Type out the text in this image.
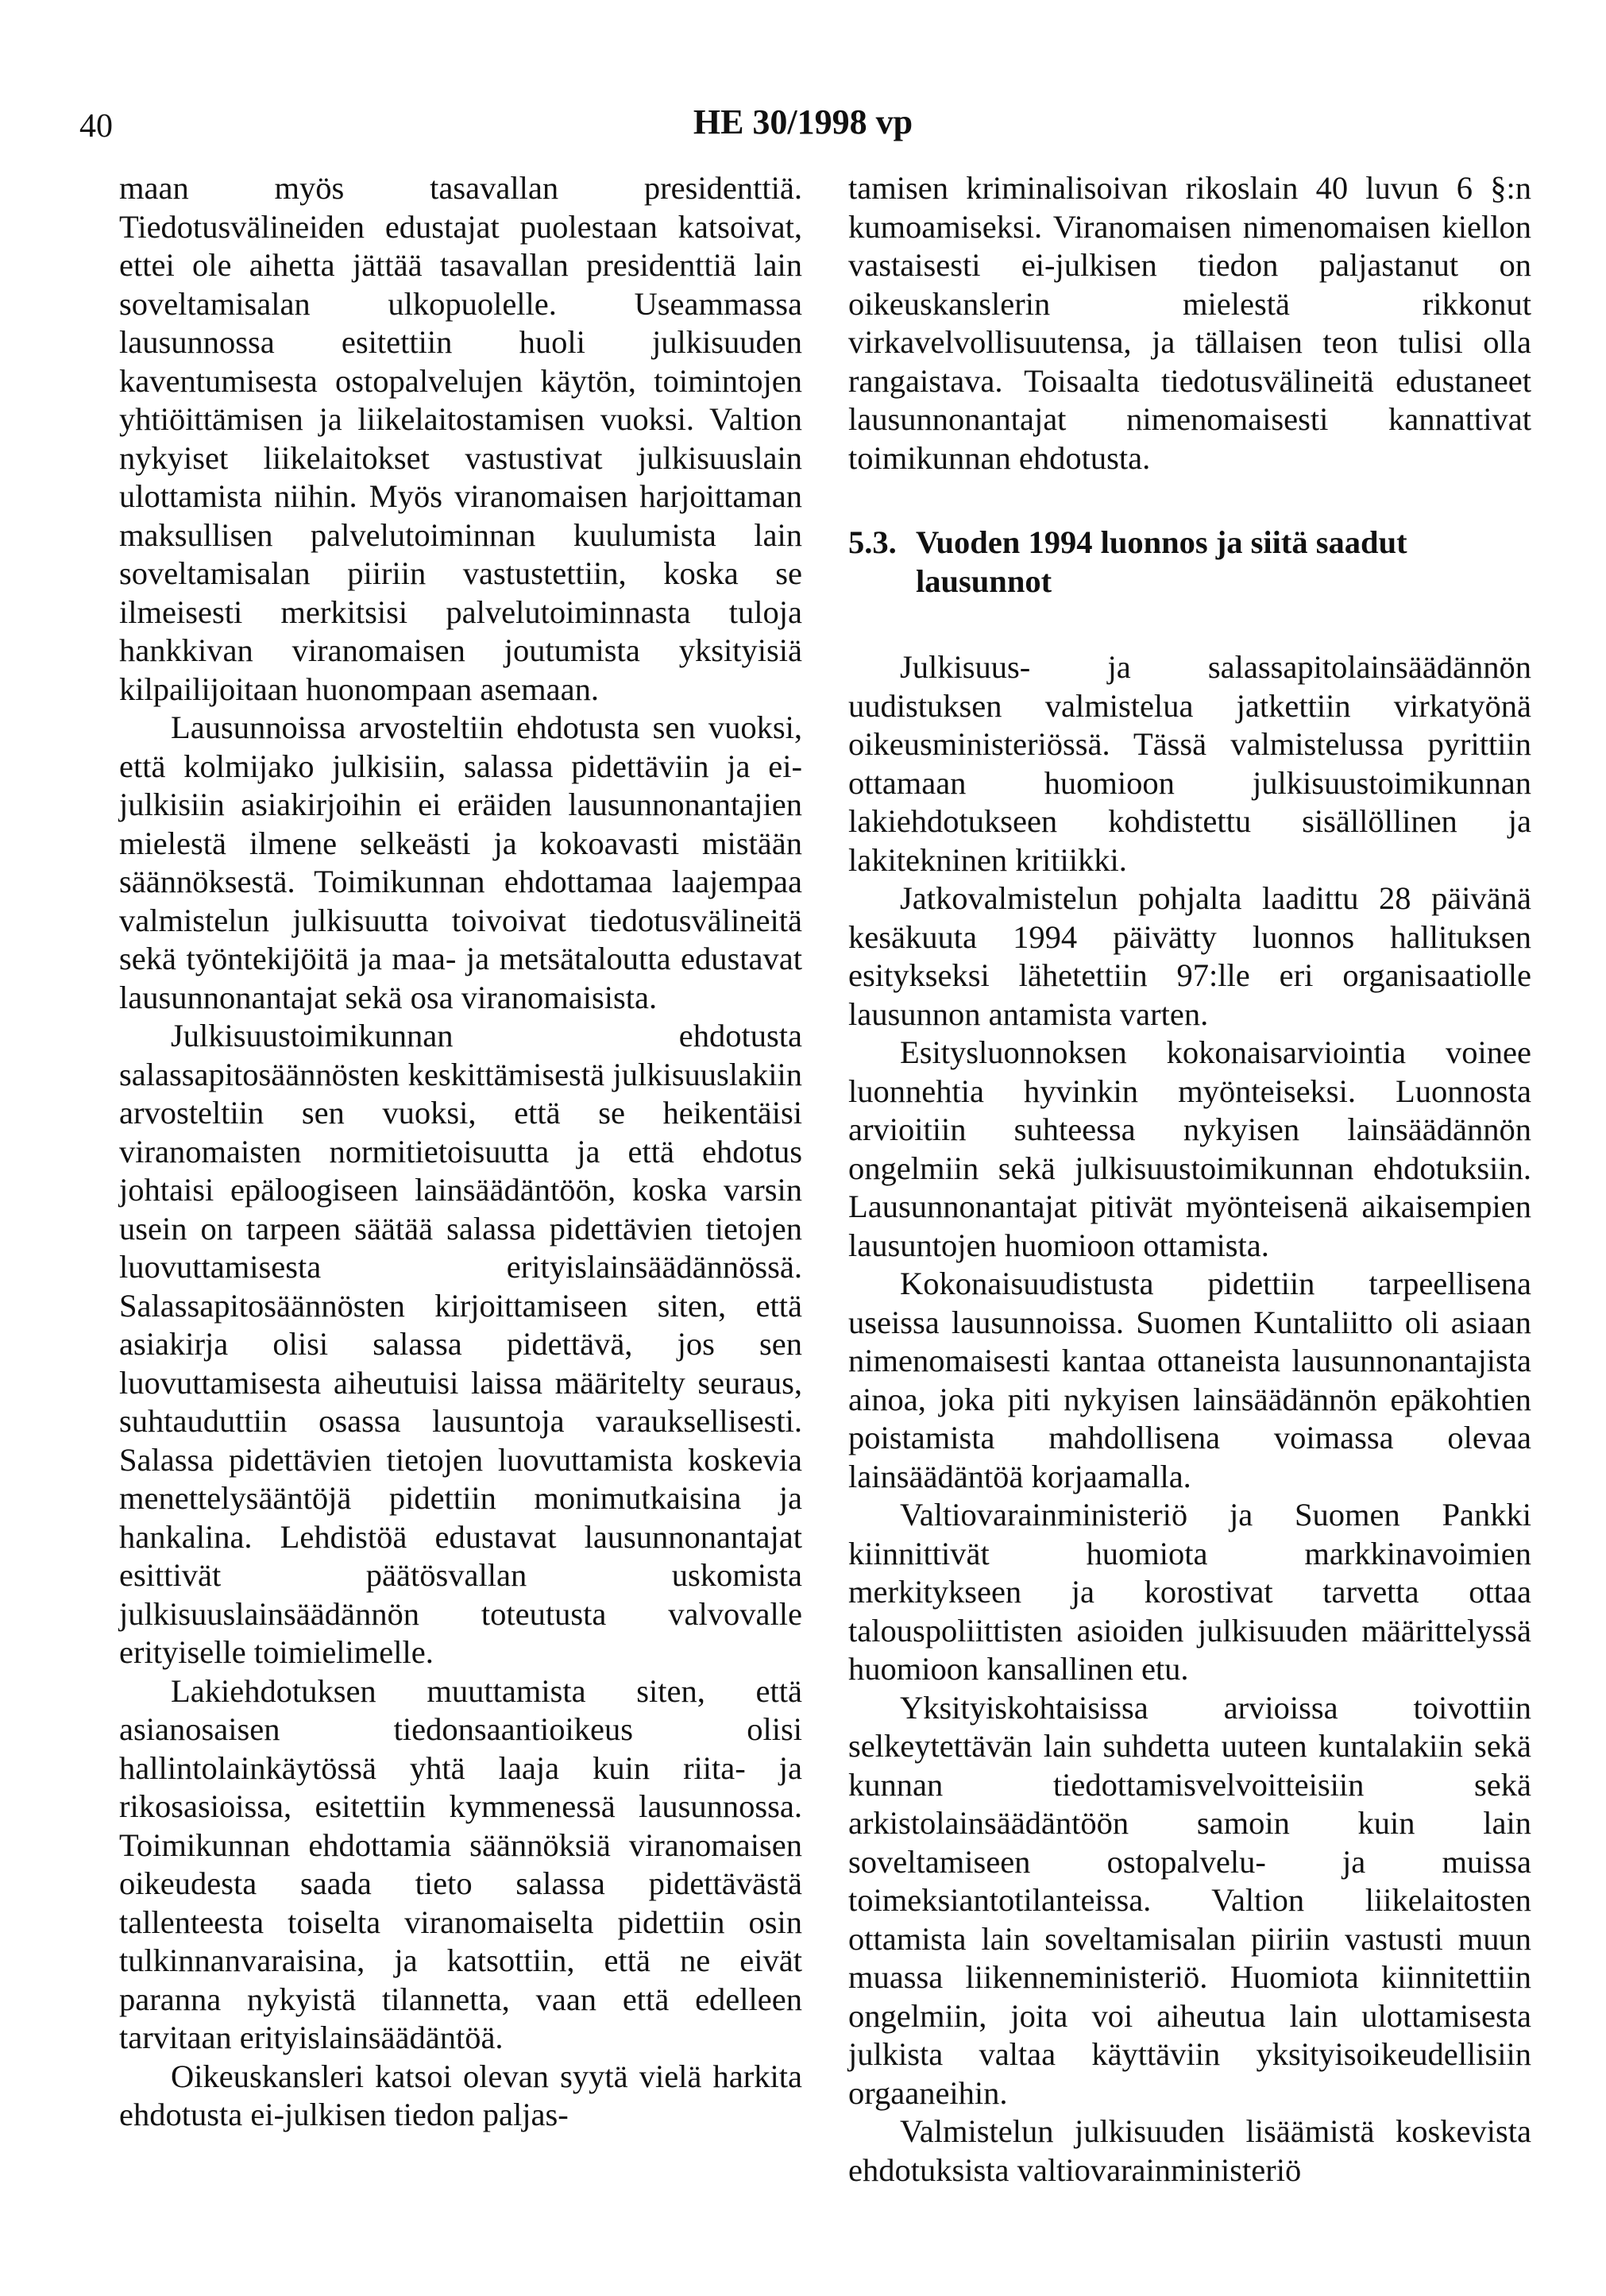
40	HE 30/1998 vp

maan myös tasavallan presidenttiä. Tiedotusvälineiden edustajat puolestaan katsoivat, ettei ole aihetta jättää tasavallan presidenttiä lain soveltamisalan ulkopuolelle. Useammassa lausunnossa esitettiin huoli julkisuuden kaventumisesta ostopalvelujen käytön, toimintojen yhtiöittämisen ja liikelaitostamisen vuoksi. Valtion nykyiset liikelaitokset vastustivat julkisuuslain ulottamista niihin. Myös viranomaisen harjoittaman maksullisen palvelutoiminnan kuulumista lain soveltamisalan piiriin vastustettiin, koska se ilmeisesti merkitsisi palvelutoiminnasta tuloja hankkivan viranomaisen joutumista yksityisiä kilpailijoitaan huonompaan asemaan.

Lausunnoissa arvosteltiin ehdotusta sen vuoksi, että kolmijako julkisiin, salassa pidettäviin ja ei-julkisiin asiakirjoihin ei eräiden lausunnonantajien mielestä ilmene selkeästi ja kokoavasti mistään säännöksestä. Toimikunnan ehdottamaa laajempaa valmistelun julkisuutta toivoivat tiedotusvälineitä sekä työntekijöitä ja maa- ja metsätaloutta edustavat lausunnonantajat sekä osa viranomaisista.

Julkisuustoimikunnan ehdotusta salassapitosäännösten keskittämisestä julkisuuslakiin arvosteltiin sen vuoksi, että se heikentäisi viranomaisten normitietoisuutta ja että ehdotus johtaisi epäloogiseen lainsäädäntöön, koska varsin usein on tarpeen säätää salassa pidettävien tietojen luovuttamisesta erityislainsäädännössä. Salassapitosäännösten kirjoittamiseen siten, että asiakirja olisi salassa pidettävä, jos sen luovuttamisesta aiheutuisi laissa määritelty seuraus, suhtauduttiin osassa lausuntoja varauksellisesti. Salassa pidettävien tietojen luovuttamista koskevia menettelysääntöjä pidettiin monimutkaisina ja hankalina. Lehdistöä edustavat lausunnonantajat esittivät päätösvallan uskomista julkisuuslainsäädännön toteutusta valvovalle erityiselle toimielimelle.

Lakiehdotuksen muuttamista siten, että asianosaisen tiedonsaantioikeus olisi hallintolainkäytössä yhtä laaja kuin riita- ja rikosasioissa, esitettiin kymmenessä lausunnossa. Toimikunnan ehdottamia säännöksiä viranomaisen oikeudesta saada tieto salassa pidettävästä tallenteesta toiselta viranomaiselta pidettiin osin tulkinnanvaraisina, ja katsottiin, että ne eivät paranna nykyistä tilannetta, vaan että edelleen tarvitaan erityislainsäädäntöä.

Oikeuskansleri katsoi olevan syytä vielä harkita ehdotusta ei-julkisen tiedon paljas-

tamisen kriminalisoivan rikoslain 40 luvun 6 §:n kumoamiseksi. Viranomaisen nimenomaisen kiellon vastaisesti ei-julkisen tiedon paljastanut on oikeuskanslerin mielestä rikkonut virkavelvollisuutensa, ja tällaisen teon tulisi olla rangaistava. Toisaalta tiedotusvälineitä edustaneet lausunnonantajat nimenomaisesti kannattivat toimikunnan ehdotusta.

5.3. Vuoden 1994 luonnos ja siitä saadut lausunnot

Julkisuus- ja salassapitolainsäädännön uudistuksen valmistelua jatkettiin virkatyönä oikeusministeriössä. Tässä valmistelussa pyrittiin ottamaan huomioon julkisuustoimikunnan lakiehdotukseen kohdistettu sisällöllinen ja lakitekninen kritiikki.

Jatkovalmistelun pohjalta laadittu 28 päivänä kesäkuuta 1994 päivätty luonnos hallituksen esitykseksi lähetettiin 97:lle eri organisaatiolle lausunnon antamista varten.

Esitysluonnoksen kokonaisarviointia voinee luonnehtia hyvinkin myönteiseksi. Luonnosta arvioitiin suhteessa nykyisen lainsäädännön ongelmiin sekä julkisuustoimikunnan ehdotuksiin. Lausunnonantajat pitivät myönteisenä aikaisempien lausuntojen huomioon ottamista.

Kokonaisuudistusta pidettiin tarpeellisena useissa lausunnoissa. Suomen Kuntaliitto oli asiaan nimenomaisesti kantaa ottaneista lausunnonantajista ainoa, joka piti nykyisen lainsäädännön epäkohtien poistamista mahdollisena voimassa olevaa lainsäädäntöä korjaamalla.

Valtiovarainministeriö ja Suomen Pankki kiinnittivät huomiota markkinavoimien merkitykseen ja korostivat tarvetta ottaa talouspoliittisten asioiden julkisuuden määrittelyssä huomioon kansallinen etu.

Yksityiskohtaisissa arvioissa toivottiin selkeytettävän lain suhdetta uuteen kuntalakiin sekä kunnan tiedottamisvelvoitteisiin sekä arkistolainsäädäntöön samoin kuin lain soveltamiseen ostopalvelu- ja muissa toimeksiantotilanteissa. Valtion liikelaitosten ottamista lain soveltamisalan piiriin vastusti muun muassa liikenneministeriö. Huomiota kiinnitettiin ongelmiin, joita voi aiheutua lain ulottamisesta julkista valtaa käyttäviin yksityisoikeudellisiin orgaaneihin.

Valmistelun julkisuuden lisäämistä koskevista ehdotuksista valtiovarainministeriö
